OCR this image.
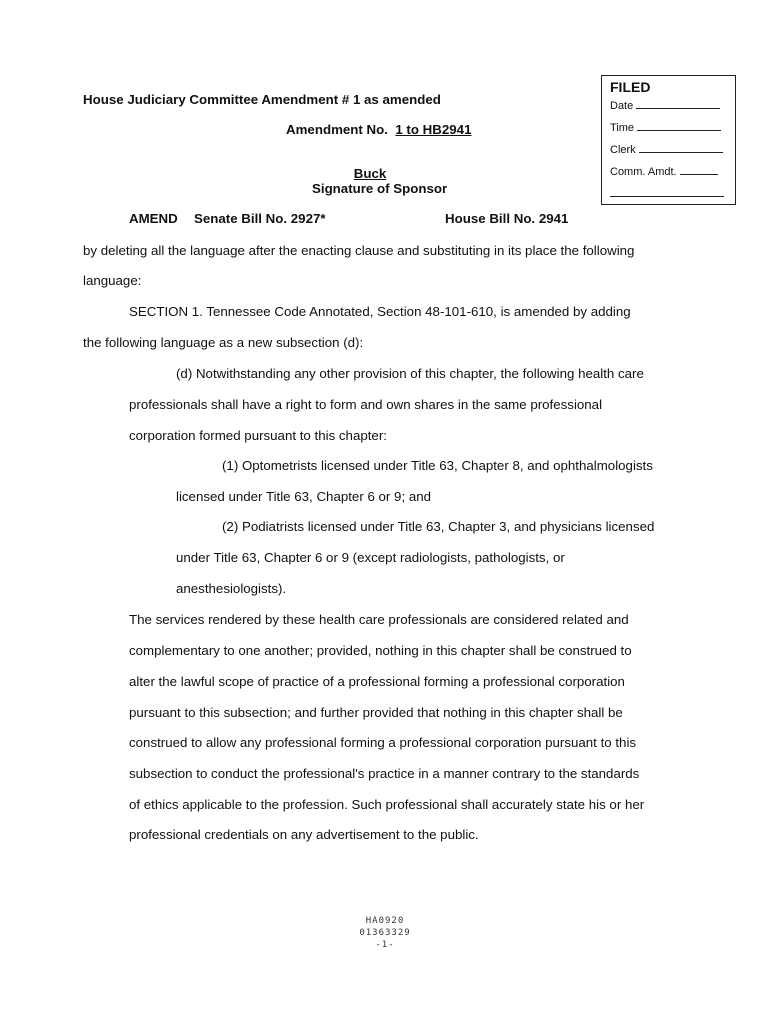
FILED
Date
Time
Clerk
Comm. Amdt.
House Judiciary Committee Amendment # 1 as amended
Amendment No. 1 to HB2941
Buck
Signature of Sponsor
AMEND Senate Bill No. 2927*	House Bill No. 2941
by deleting all the language after the enacting clause and substituting in its place the following
language:
SECTION 1. Tennessee Code Annotated, Section 48-101-610, is amended by adding
the following language as a new subsection (d):
(d) Notwithstanding any other provision of this chapter, the following health care
professionals shall have a right to form and own shares in the same professional
corporation formed pursuant to this chapter:
(1) Optometrists licensed under Title 63, Chapter 8, and ophthalmologists
licensed under Title 63, Chapter 6 or 9; and
(2) Podiatrists licensed under Title 63, Chapter 3, and physicians licensed
under Title 63, Chapter 6 or 9 (except radiologists, pathologists, or
anesthesiologists).
The services rendered by these health care professionals are considered related and
complementary to one another; provided, nothing in this chapter shall be construed to
alter the lawful scope of practice of a professional forming a professional corporation
pursuant to this subsection; and further provided that nothing in this chapter shall be
construed to allow any professional forming a professional corporation pursuant to this
subsection to conduct the professional's practice in a manner contrary to the standards
of ethics applicable to the profession. Such professional shall accurately state his or her
professional credentials on any advertisement to the public.
HA0920
01363329
-1-
